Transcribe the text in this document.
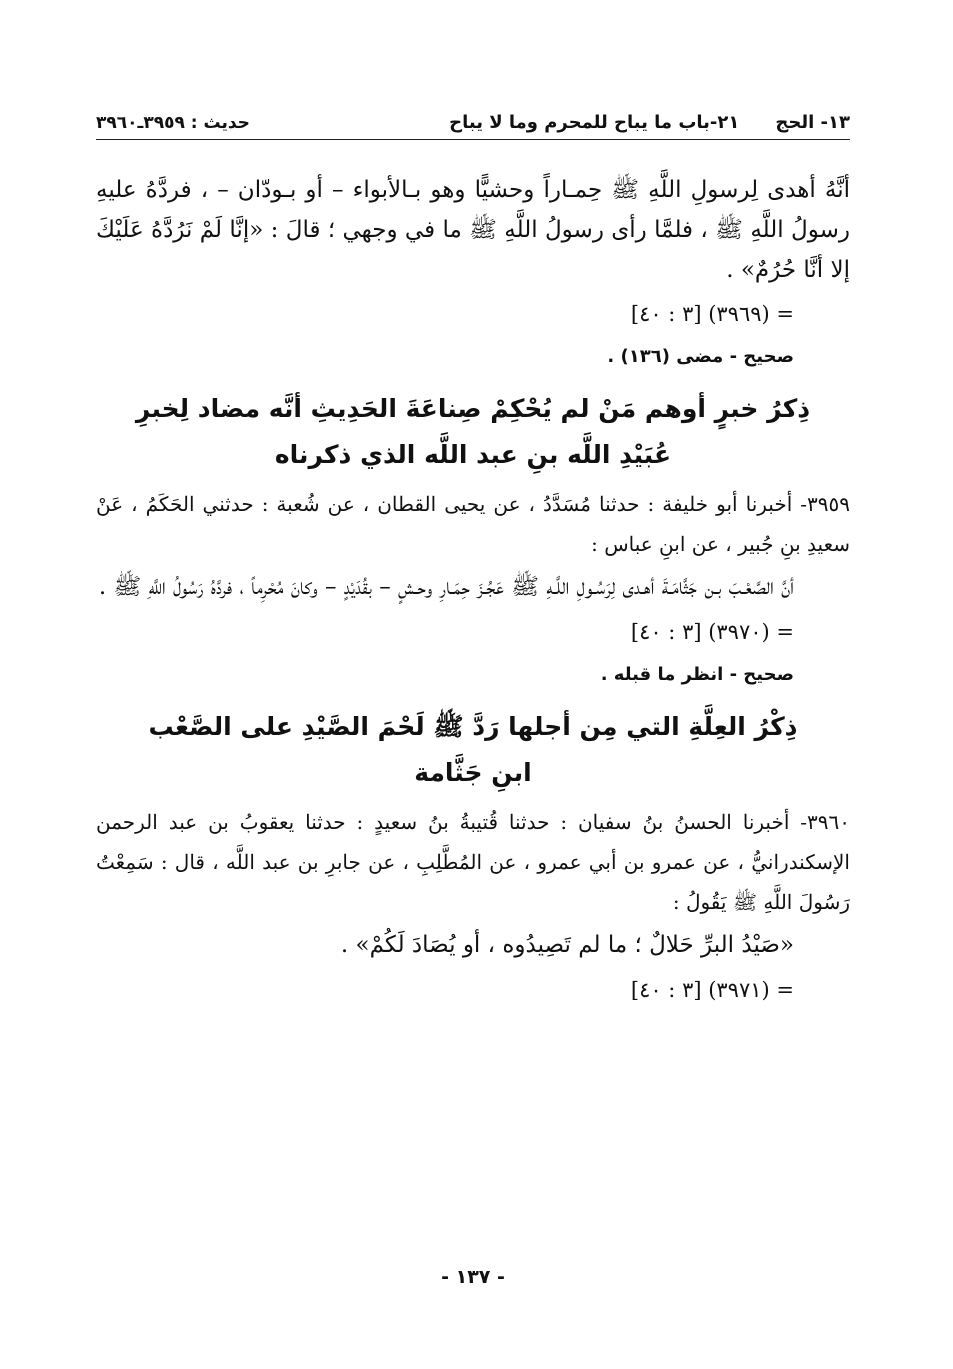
١٣- الحج
٢١-باب ما يباح للمحرم وما لا يباح
حديث : ٣٩٥٩ـ٣٩٦٠

أنَّهُ أهدى لِرسولِ اللَّهِ ﷺ حِمـاراً وحشيًّا وهو بـالأبواء – أو بـودّان – ، فردَّهُ عليهِ رسولُ اللَّهِ ﷺ ، فلمَّا رأى رسولُ اللَّهِ ﷺ ما في وجهي ؛ قالَ : «إنَّا لَمْ نَرُدَّهُ عَلَيْكَ إلا أنَّا حُرُمٌ» .

= (٣٩٦٩) [٣ : ٤٠]
صحيح - مضى (١٣٦) .
ذِكرُ خبرٍ أوهم مَنْ لم يُحْكِمْ صِناعَةَ الحَدِيثِ أنَّه مضاد لِخبرِ عُبَيْدِ اللَّه بنِ عبد اللَّه الذي ذكرناه

٣٩٥٩- أخبرنا أبو خليفة : حدثنا مُسَدَّدُ ، عن يحيى القطان ، عن شُعبة : حدثني الحَكَمُ ، عَنْ سعيدِ بنِ جُبير ، عن ابنِ عباس :

أنَّ الصَّعْـبَ بـن جَثَّامَـةَ أهـدى لِرَسُـولِ اللَّـهِ ﷺ عَجُـزَ حِمَـارِ وحـشٍ – بقُدَيْدٍ – وكانَ مُحْرِماً ، فردَّهُ رَسُولُ اللَّهِ ﷺ .

= (٣٩٧٠) [٣ : ٤٠]
صحيح - انظر ما قبله .
ذِكْرُ العِلَّةِ التي مِن أجلها رَدَّ ﷺ لَحْمَ الصَّيْدِ على الصَّعْب ابنِ جَثَّامة

٣٩٦٠- أخبرنا الحسنُ بنُ سفيان : حدثنا قُتيبةُ بنُ سعيدٍ : حدثنا يعقوبُ بن عبد الرحمن الإسكندرانيُّ ، عن عمرو بن أبي عمرو ، عن المُطَّلِبِ ، عن جابرِ بن عبد اللَّه ، قال : سَمِعْتُ رَسُولَ اللَّهِ ﷺ يَقُولُ :

«صَيْدُ البرِّ حَلالٌ ؛ ما لم تَصِيدُوه ، أو يُصَادَ لَكُمْ» .

= (٣٩٧١) [٣ : ٤٠]
- ١٣٧ -
